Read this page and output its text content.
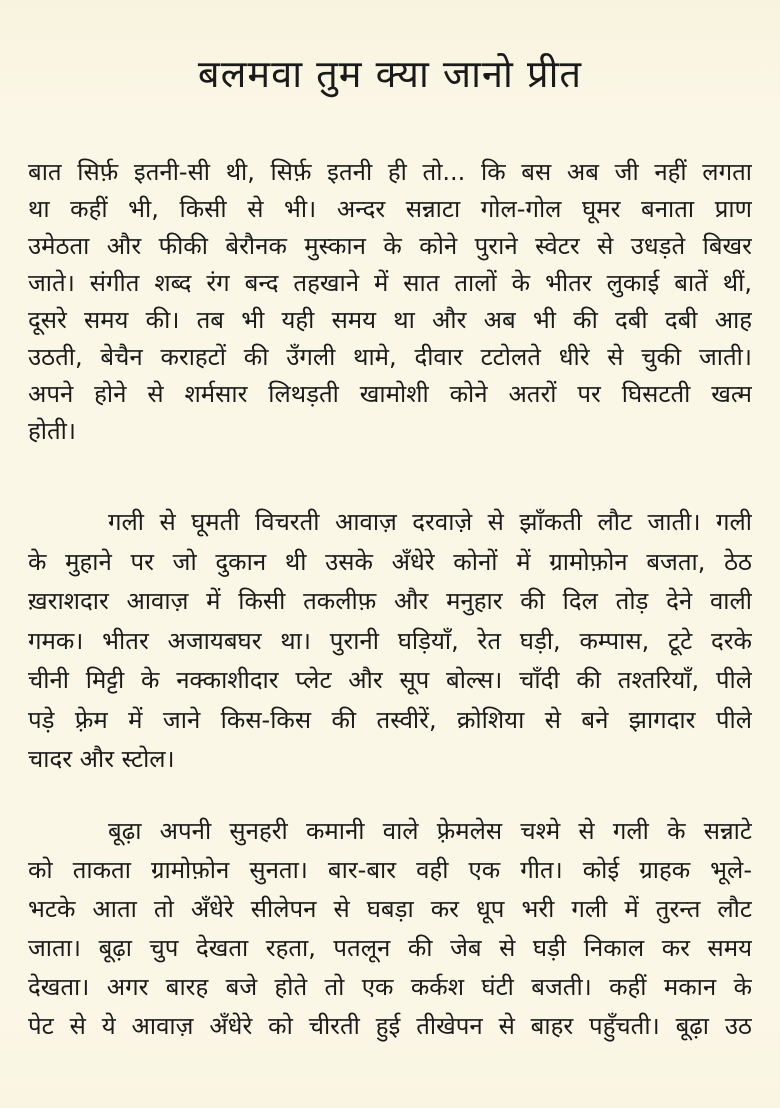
बलमवा तुम क्या जानो प्रीत
बात सिर्फ़ इतनी-सी थी, सिर्फ़ इतनी ही तो... कि बस अब जी नहीं लगता
था कहीं भी, किसी से भी। अन्दर सन्नाटा गोल-गोल घूमर बनाता प्राण
उमेठता और फीकी बेरौनक मुस्कान के कोने पुराने स्वेटर से उधड़ते बिखर
जाते। संगीत शब्द रंग बन्द तहखाने में सात तालों के भीतर लुकाई बातें थीं,
दूसरे समय की। तब भी यही समय था और अब भी की दबी दबी आह
उठती, बेचैन कराहटों की उँगली थामे, दीवार टटोलते धीरे से चुकी जाती।
अपने होने से शर्मसार लिथड़ती खामोशी कोने अतरों पर घिसटती खत्म
होती।
गली से घूमती विचरती आवाज़ दरवाज़े से झाँकती लौट जाती। गली
के मुहाने पर जो दुकान थी उसके अँधेरे कोनों में ग्रामोफ़ोन बजता, ठेठ
ख़राशदार आवाज़ में किसी तकलीफ़ और मनुहार की दिल तोड़ देने वाली
गमक। भीतर अजायबघर था। पुरानी घड़ियाँ, रेत घड़ी, कम्पास, टूटे दरके
चीनी मिट्टी के नक्काशीदार प्लेट और सूप बोल्स। चाँदी की तश्तरियाँ, पीले
पड़े फ़्रेम में जाने किस-किस की तस्वीरें, क्रोशिया से बने झागदार पीले
चादर और स्टोल।
बूढ़ा अपनी सुनहरी कमानी वाले फ़्रेमलेस चश्मे से गली के सन्नाटे
को ताकता ग्रामोफ़ोन सुनता। बार-बार वही एक गीत। कोई ग्राहक भूले-
भटके आता तो अँधेरे सीलेपन से घबड़ा कर धूप भरी गली में तुरन्त लौट
जाता। बूढ़ा चुप देखता रहता, पतलून की जेब से घड़ी निकाल कर समय
देखता। अगर बारह बजे होते तो एक कर्कश घंटी बजती। कहीं मकान के
पेट से ये आवाज़ अँधेरे को चीरती हुई तीखेपन से बाहर पहुँचती। बूढ़ा उठ
